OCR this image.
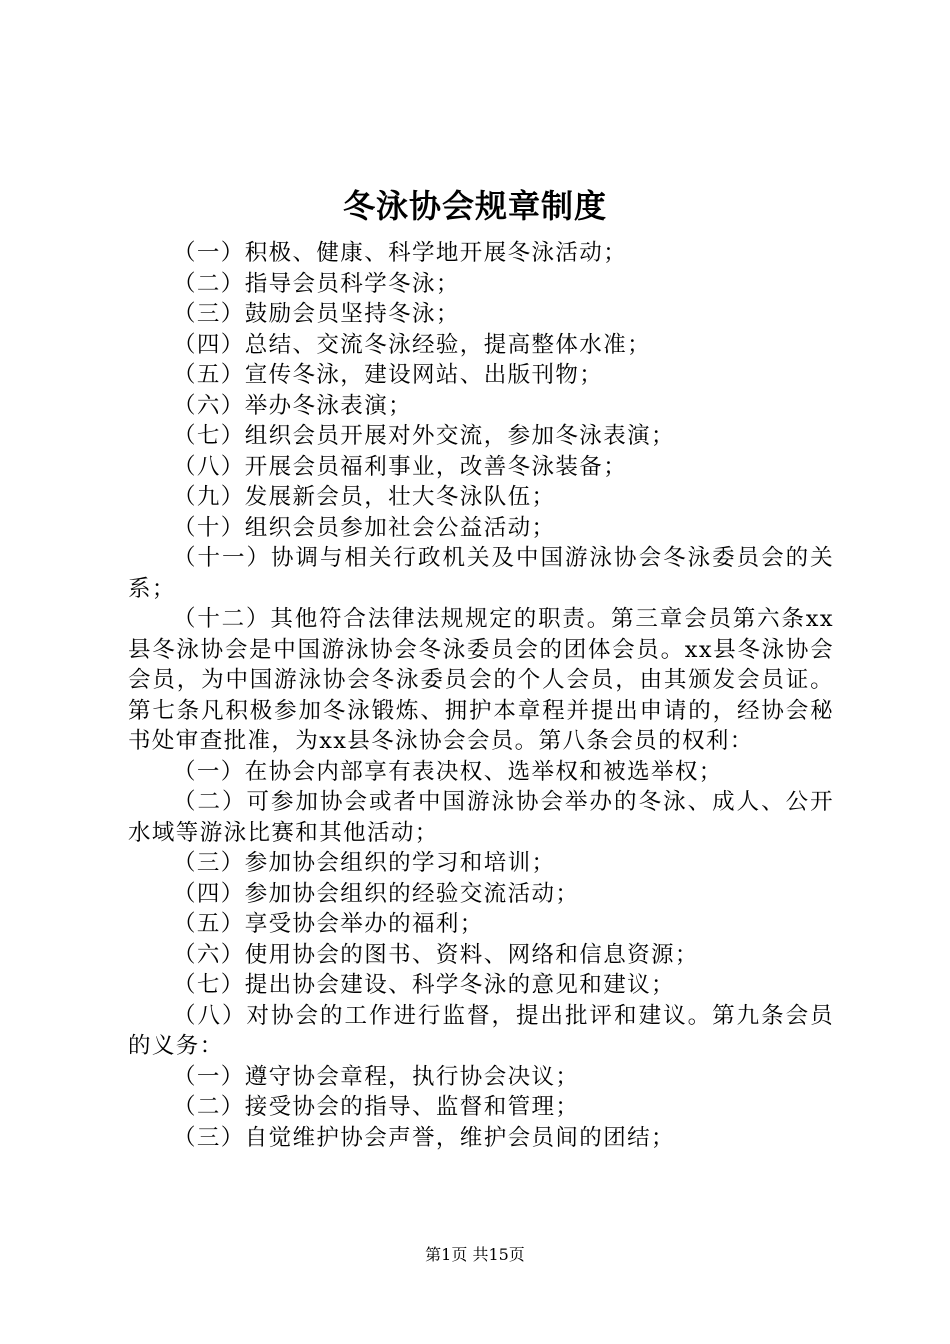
冬泳协会规章制度

（一）积极、健康、科学地开展冬泳活动；

（二）指导会员科学冬泳；

（三）鼓励会员坚持冬泳；

（四）总结、交流冬泳经验，提高整体水准；

（五）宣传冬泳，建设网站、出版刊物；

（六）举办冬泳表演；

（七）组织会员开展对外交流，参加冬泳表演；

（八）开展会员福利事业，改善冬泳装备；

（九）发展新会员，壮大冬泳队伍；

（十）组织会员参加社会公益活动；

（十一）协调与相关行政机关及中国游泳协会冬泳委员会的关系；

（十二）其他符合法律法规规定的职责。第三章会员第六条xx县冬泳协会是中国游泳协会冬泳委员会的团体会员。xx县冬泳协会会员，为中国游泳协会冬泳委员会的个人会员，由其颁发会员证。第七条凡积极参加冬泳锻炼、拥护本章程并提出申请的，经协会秘书处审查批准，为xx县冬泳协会会员。第八条会员的权利：

（一）在协会内部享有表决权、选举权和被选举权；

（二）可参加协会或者中国游泳协会举办的冬泳、成人、公开水域等游泳比赛和其他活动；

（三）参加协会组织的学习和培训；

（四）参加协会组织的经验交流活动；

（五）享受协会举办的福利；

（六）使用协会的图书、资料、网络和信息资源；

（七）提出协会建设、科学冬泳的意见和建议；

（八）对协会的工作进行监督，提出批评和建议。第九条会员的义务：

（一）遵守协会章程，执行协会决议；

（二）接受协会的指导、监督和管理；

（三）自觉维护协会声誉，维护会员间的团结；

第1页 共15页
